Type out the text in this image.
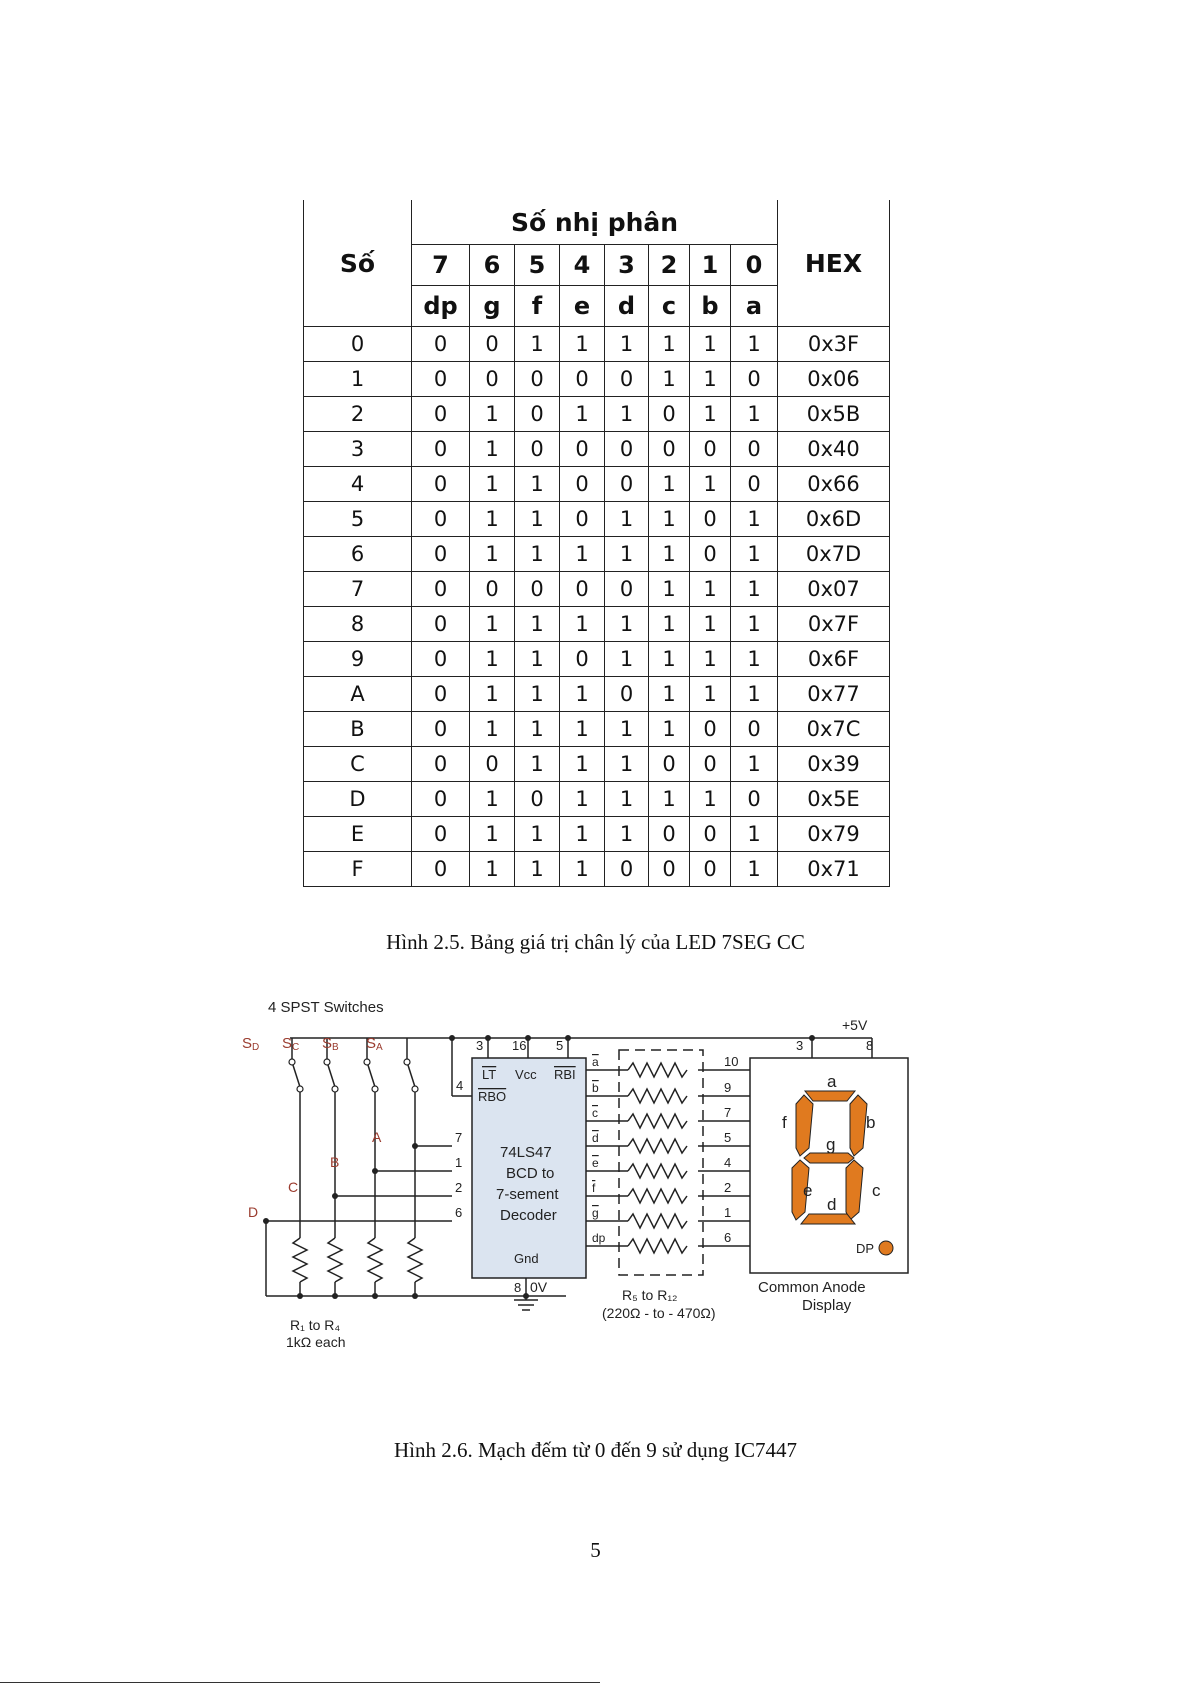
Số	Số nhị phân								HEX
	7	6	5	4	3	2	1	0	
	dp	g	f	e	d	c	b	a	
0	0	0	1	1	1	1	1	1	0x3F
1	0	0	0	0	0	1	1	0	0x06
2	0	1	0	1	1	0	1	1	0x5B
3	0	1	0	0	0	0	0	0	0x40
4	0	1	1	0	0	1	1	0	0x66
5	0	1	1	0	1	1	0	1	0x6D
6	0	1	1	1	1	1	0	1	0x7D
7	0	0	0	0	0	1	1	1	0x07
8	0	1	1	1	1	1	1	1	0x7F
9	0	1	1	0	1	1	1	1	0x6F
A	0	1	1	1	0	1	1	1	0x77
B	0	1	1	1	1	1	0	0	0x7C
C	0	0	1	1	1	0	0	1	0x39
D	0	1	0	1	1	1	1	0	0x5E
E	0	1	1	1	1	0	0	1	0x79
F	0	1	1	1	0	0	0	1	0x71
Hình 2.5. Bảng giá trị chân lý của LED 7SEG CC
a
b
c
d
e
f
g
4 SPST Switches
+5V
0V
S D S C S B S A	3 16 5
4
LT Vcc RBI
RBO
74LS47
BCD to
7-sement
Decoder
Gnd
8
7
A
1
B
2
C
6
D
a
b
c
d
e
f
g
dp
10
9
7
5
4
2
1
6
3	8
R₁ to R₄
1kΩ each
R₅ to R₁₂
(220Ω - to - 470Ω)
Common Anode
Display
DP
Hình 2.6. Mạch đếm từ 0 đến 9 sử dụng IC7447
5
